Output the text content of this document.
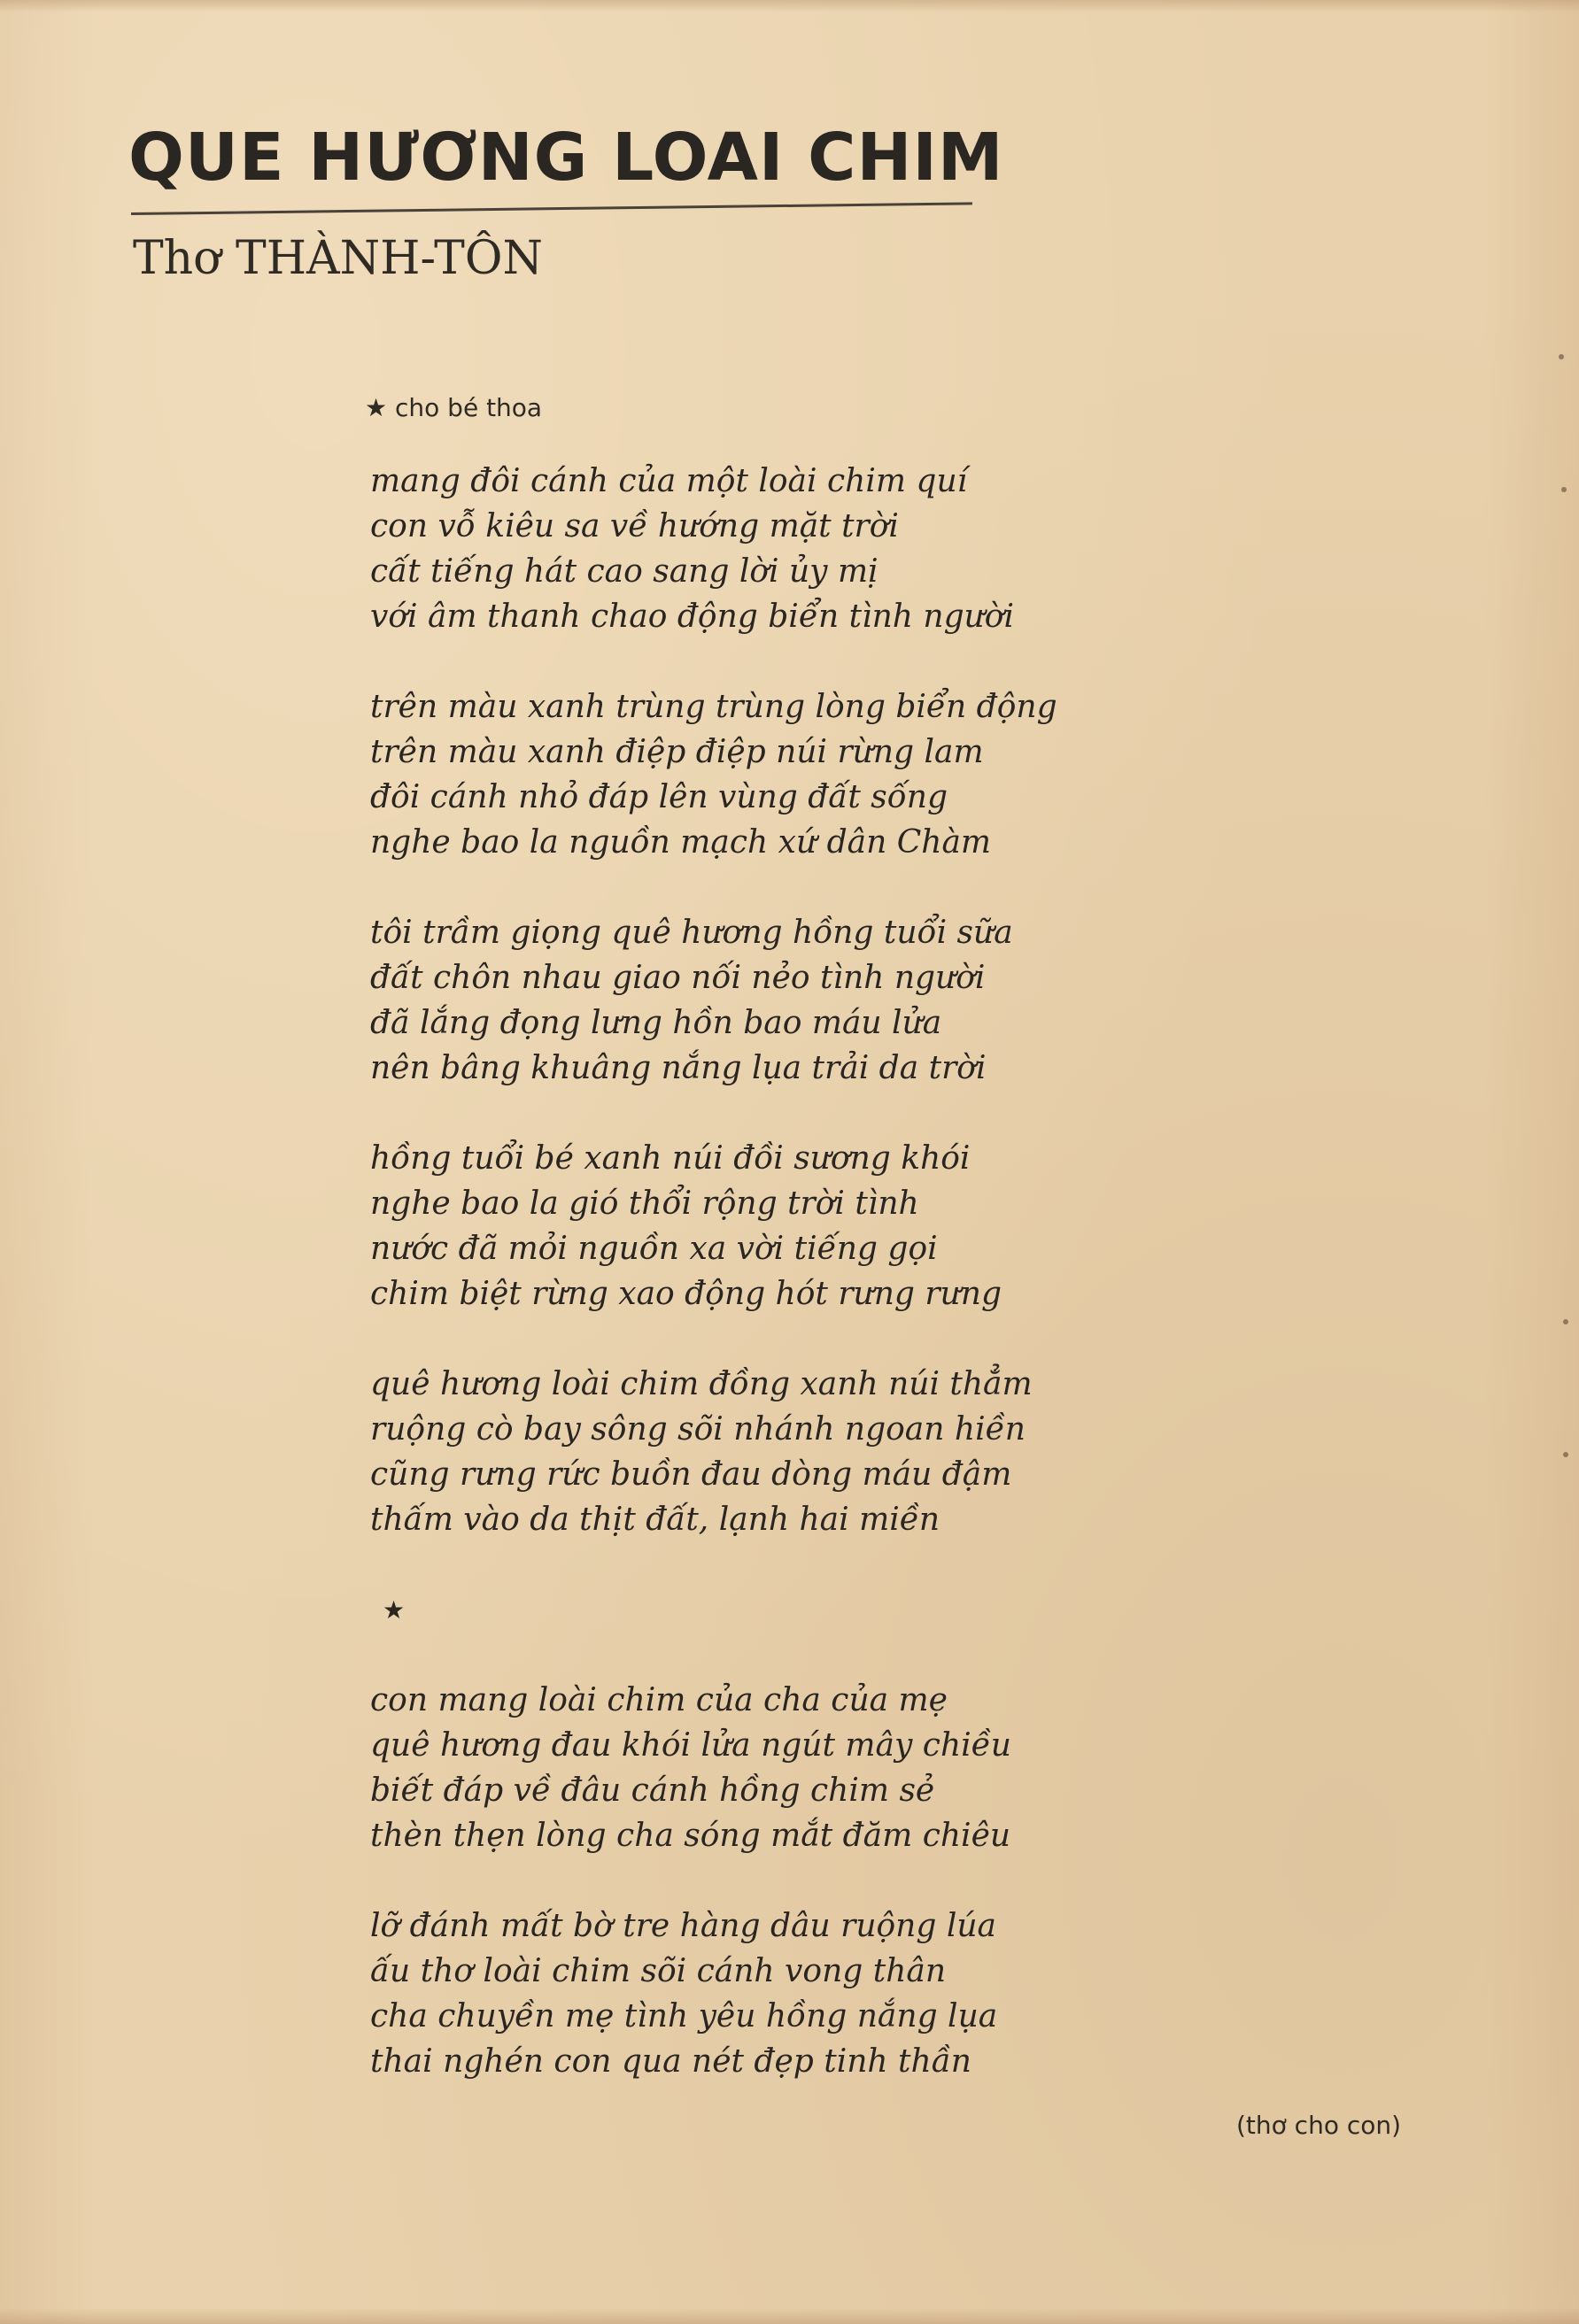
QUE HƯƠNG LOAI CHIM
Thơ THÀNH-TÔN
★ cho bé thoa
mang đôi cánh của một loài chim quí
con vỗ kiêu sa về hướng mặt trời
cất tiếng hát cao sang lời ủy mị
với âm thanh chao động biển tình người
trên màu xanh trùng trùng lòng biển động
trên màu xanh điệp điệp núi rừng lam
đôi cánh nhỏ đáp lên vùng đất sống
nghe bao la nguồn mạch xứ dân Chàm
tôi trầm giọng quê hương hồng tuổi sữa
đất chôn nhau giao nối nẻo tình người
đã lắng đọng lưng hồn bao máu lửa
nên bâng khuâng nắng lụa trải da trời
hồng tuổi bé xanh núi đồi sương khói
nghe bao la gió thổi rộng trời tình
nước đã mỏi nguồn xa vời tiếng gọi
chim biệt rừng xao động hót rưng rưng
quê hương loài chim đồng xanh núi thẳm
ruộng cò bay sông sõi nhánh ngoan hiền
cũng rưng rức buồn đau dòng máu đậm
thấm vào da thịt đất, lạnh hai miền
★
con mang loài chim của cha của mẹ
quê hương đau khói lửa ngút mây chiều
biết đáp về đâu cánh hồng chim sẻ
thèn thẹn lòng cha sóng mắt đăm chiêu
lỡ đánh mất bờ tre hàng dâu ruộng lúa
ấu thơ loài chim sõi cánh vong thân
cha chuyền mẹ tình yêu hồng nắng lụa
thai nghén con qua nét đẹp tinh thần
(thơ cho con)
